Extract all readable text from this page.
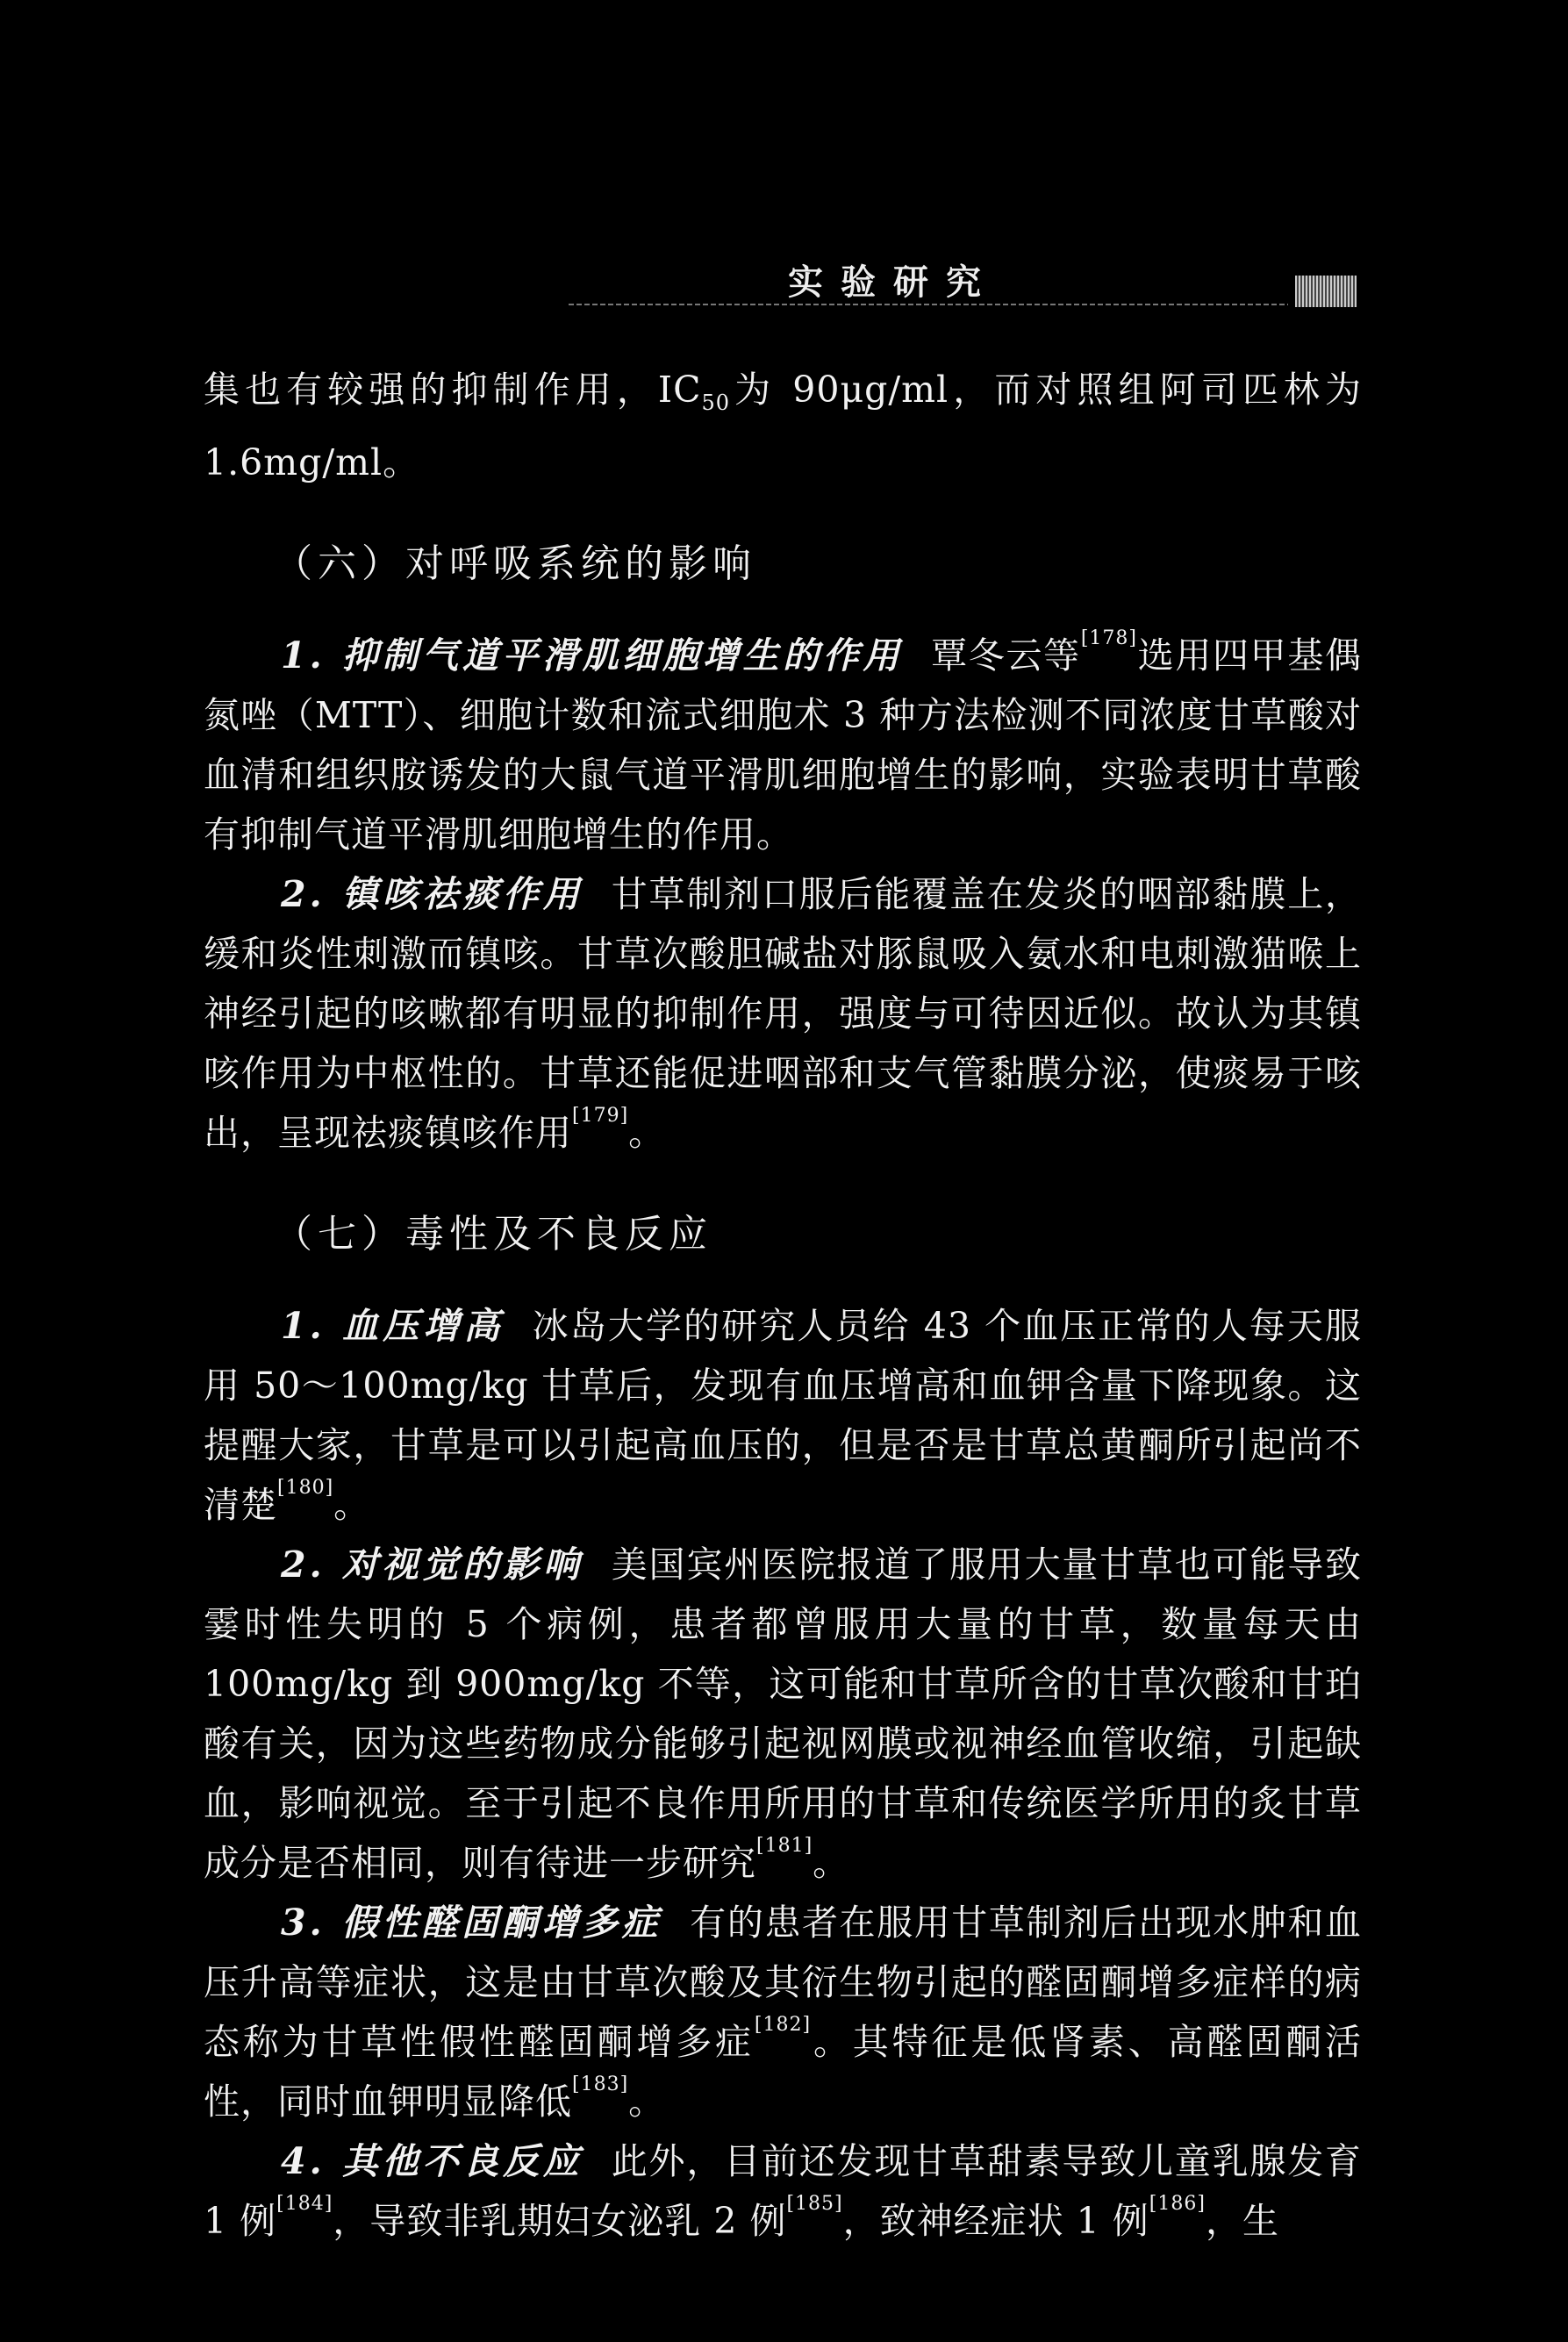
实验研究

集也有较强的抑制作用，$IC_{50}$为 90μg/ml，而对照组阿司匹林为 1.6mg/ml。

（六）对呼吸系统的影响

1. 抑制气道平滑肌细胞增生的作用 覃冬云等[178]选用四甲基偶氮唑（MTT）、细胞计数和流式细胞术 3 种方法检测不同浓度甘草酸对血清和组织胺诱发的大鼠气道平滑肌细胞增生的影响，实验表明甘草酸有抑制气道平滑肌细胞增生的作用。

2. 镇咳祛痰作用 甘草制剂口服后能覆盖在发炎的咽部黏膜上，缓和炎性刺激而镇咳。甘草次酸胆碱盐对豚鼠吸入氨水和电刺激猫喉上神经引起的咳嗽都有明显的抑制作用，强度与可待因近似。故认为其镇咳作用为中枢性的。甘草还能促进咽部和支气管黏膜分泌，使痰易于咳出，呈现祛痰镇咳作用[179]。

（七）毒性及不良反应

1. 血压增高 冰岛大学的研究人员给 43 个血压正常的人每天服用 50～100mg/kg 甘草后，发现有血压增高和血钾含量下降现象。这提醒大家，甘草是可以引起高血压的，但是否是甘草总黄酮所引起尚不清楚[180]。

2. 对视觉的影响 美国宾州医院报道了服用大量甘草也可能导致霎时性失明的 5 个病例，患者都曾服用大量的甘草，数量每天由 100mg/kg 到 900mg/kg 不等，这可能和甘草所含的甘草次酸和甘珀酸有关，因为这些药物成分能够引起视网膜或视神经血管收缩，引起缺血，影响视觉。至于引起不良作用所用的甘草和传统医学所用的炙甘草成分是否相同，则有待进一步研究[181]。

3. 假性醛固酮增多症 有的患者在服用甘草制剂后出现水肿和血压升高等症状，这是由甘草次酸及其衍生物引起的醛固酮增多症样的病态称为甘草性假性醛固酮增多症[182]。其特征是低肾素、高醛固酮活性，同时血钾明显降低[183]。

4. 其他不良反应 此外，目前还发现甘草甜素导致儿童乳腺发育 1 例[184]，导致非乳期妇女泌乳 2 例[185]，致神经症状 1 例[186]，生
